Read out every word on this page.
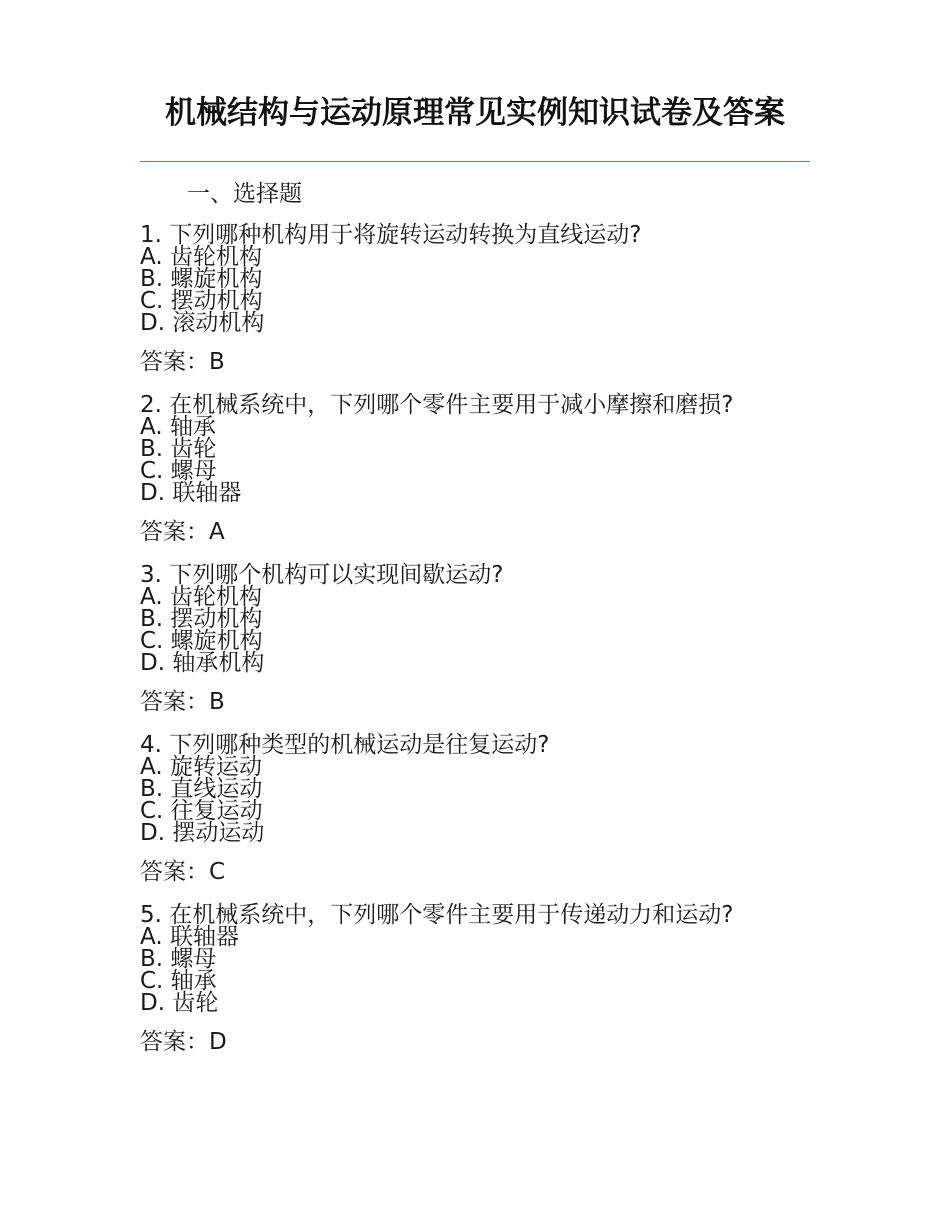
机械结构与运动原理常见实例知识试卷及答案
一、选择题
1. 下列哪种机构用于将旋转运动转换为直线运动?
A. 齿轮机构
B. 螺旋机构
C. 摆动机构
D. 滚动机构
答案：B
2. 在机械系统中，下列哪个零件主要用于减小摩擦和磨损?
A. 轴承
B. 齿轮
C. 螺母
D. 联轴器
答案：A
3. 下列哪个机构可以实现间歇运动?
A. 齿轮机构
B. 摆动机构
C. 螺旋机构
D. 轴承机构
答案：B
4. 下列哪种类型的机械运动是往复运动?
A. 旋转运动
B. 直线运动
C. 往复运动
D. 摆动运动
答案：C
5. 在机械系统中，下列哪个零件主要用于传递动力和运动?
A. 联轴器
B. 螺母
C. 轴承
D. 齿轮
答案：D
